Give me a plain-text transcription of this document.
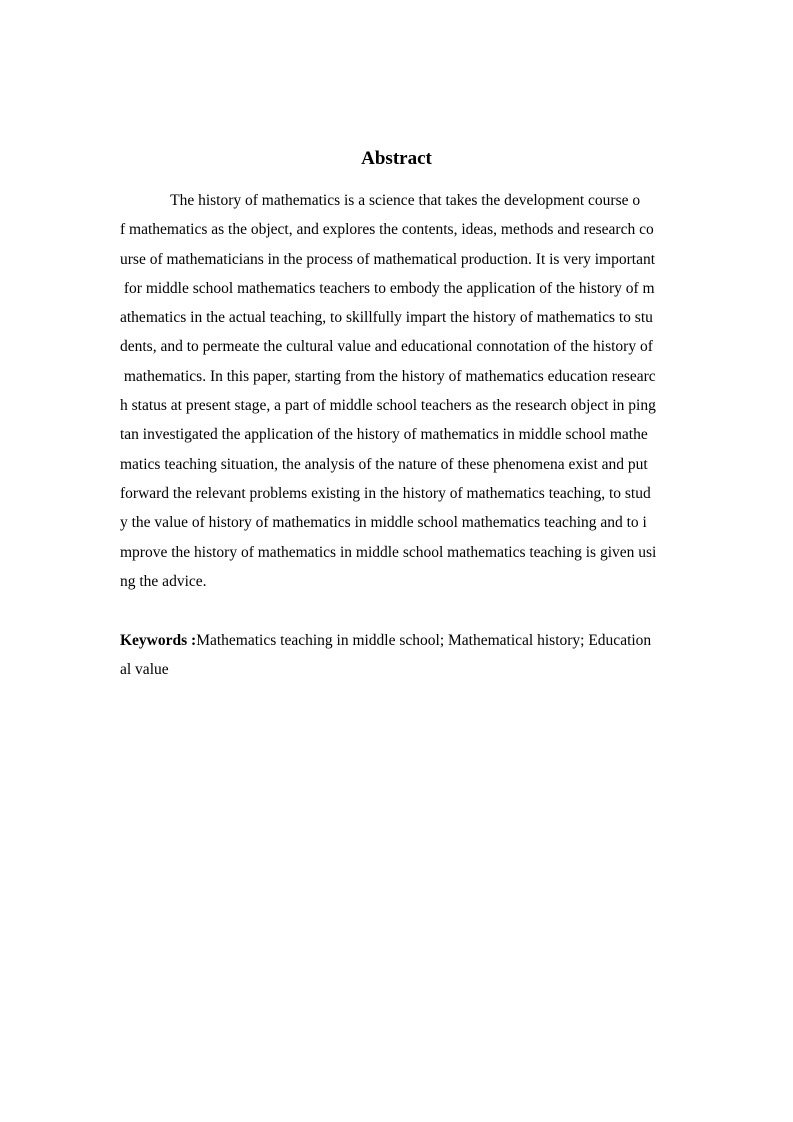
Abstract
The history of mathematics is a science that takes the development course o
f mathematics as the object, and explores the contents, ideas, methods and research co
urse of mathematicians in the process of mathematical production. It is very important
for middle school mathematics teachers to embody the application of the history of m
athematics in the actual teaching, to skillfully impart the history of mathematics to stu
dents, and to permeate the cultural value and educational connotation of the history of
mathematics. In this paper, starting from the history of mathematics education researc
h status at present stage, a part of middle school teachers as the research object in ping
tan investigated the application of the history of mathematics in middle school mathe
matics teaching situation, the analysis of the nature of these phenomena exist and put
forward the relevant problems existing in the history of mathematics teaching, to stud
y the value of history of mathematics in middle school mathematics teaching and to i
mprove the history of mathematics in middle school mathematics teaching is given usi
ng the advice.
Keywords :Mathematics teaching in middle school; Mathematical history; Education
al value
